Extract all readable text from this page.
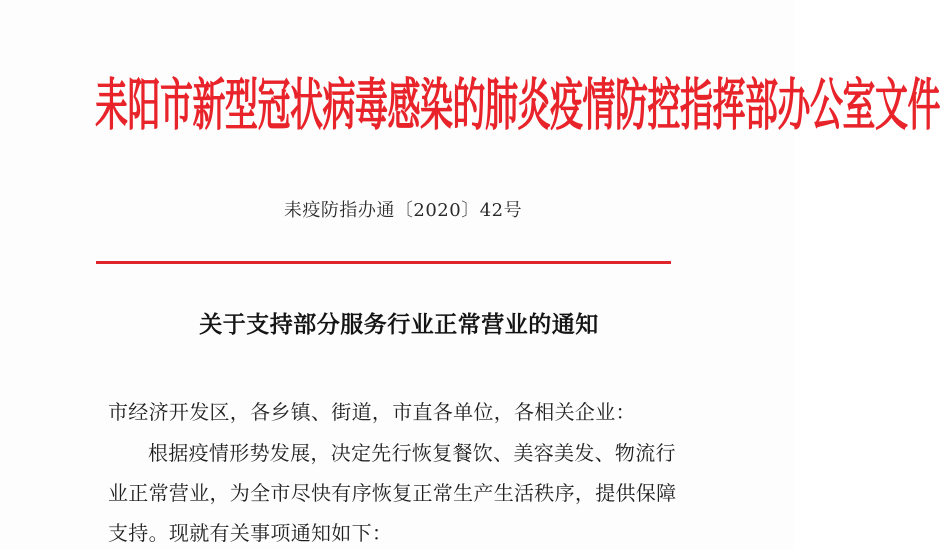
耒阳市新型冠状病毒感染的肺炎疫情防控指挥部办公室文件
耒疫防指办通〔2020〕42号
关于支持部分服务行业正常营业的通知
市经济开发区，各乡镇、街道，市直各单位，各相关企业：
根据疫情形势发展，决定先行恢复餐饮、美容美发、物流行
业正常营业，为全市尽快有序恢复正常生产生活秩序，提供保障
支持。现就有关事项通知如下：
